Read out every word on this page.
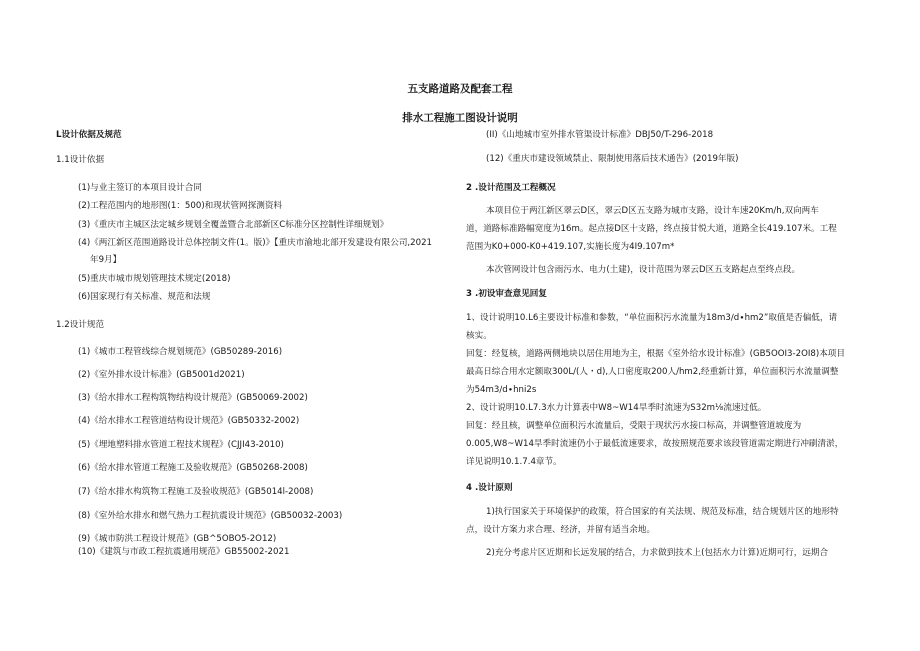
五支路道路及配套工程
排水工程施工图设计说明
L设计依据及规范
1.1设计依据
(1)与业主签订的本项目设计合同
(2)工程范围内的地形图(1：500)和现状管网探测资料
(3)《重庆市主城区法定城乡规划全覆盖暨合北部新区C标准分区控制性详细规划》
(4)《两江新区范围道路设计总体控制文件(1。版)》【重庆市渝地北部开发建设有限公司,2021
年9月】
(5)重庆市城市规划管理技术规定(2018)
(6)国家现行有关标准、规范和法规
1.2设计规范
(1)《城市工程管线综合规划规范》(GB50289-2016)
(2)《室外排水设计标准》(GB5001d2021)
(3)《给水排水工程构筑物结构设计规范》(GB50069-2002)
(4)《给水排水工程管道结构设计规范》(GB50332-2002)
(5)《埋地塑料排水管道工程技术规程》(CJJI43-2010)
(6)《给水排水管道工程施工及验收规范》(GB50268-2008)
(7)《给水排水构筑物工程施工及验收规范》(GB5014l-2008)
(8)《室外给水排水和燃气热力工程抗震设计规范》(GB50032-2003)
(9)《城市防洪工程设计规范》(GB^5OBO5-2O12)
(10)《建筑与市政工程抗震通用规范》GB55002-2021
(II)《山地城市室外排水管渠设计标准》DBJ50/T-296-2018
(12)《重庆市建设领域禁止、限制使用落后技术通告》(2019年版)
2 .设计范围及工程概况
本项目位于两江新区翠云D区，翠云D区五支路为城市支路，设计车速20Km/h,双向两车
道，道路标准路幅宽度为16m。起点接D区十支路，终点接甘悦大道，道路全长419.107米。工程
范围为K0+000-K0+419.107,实施长度为4I9.107m*
本次管网设计包含雨污水、电力(土建)，设计范围为翠云D区五支路起点至终点段。
3 .初设审查意见回复
1、设计说明10.L6主要设计标准和参数，“单位面积污水流量为18m3∕d∙hm2”取值是否偏低，请
核实。
回复：经复核，道路两侧地块以居住用地为主，根据《室外给水设计标准》(GB5OOI3-2OI8)本项目
最高日综合用水定额取300L/(人・d),人口密度取200人/hm2,经重新计算，单位面积污水流量调整
为54m3∕d∙hni2s
2、设计说明10.L7.3水力计算表中W8~W14旱季时流速为S32m⅛流速过低。
回复：经且核，调整单位面积污水流量后，受限于现状污水接口标高，并调整管道坡度为
0.005,W8~W14旱季时流速仍小于最低流速要求，故按照规范要求该段管道需定期进行冲刷清淤，
详见说明10.1.7.4章节。
4 .设计原则
1)执行国家关于环境保护的政策，符合国家的有关法规、规范及标准，结合规划片区的地形特
点，设计方案力求合理、经济，并留有适当余地。
2)充分考虑片区近期和长远发展的结合，力求做到技术上(包括水力计算)近期可行，远期合
